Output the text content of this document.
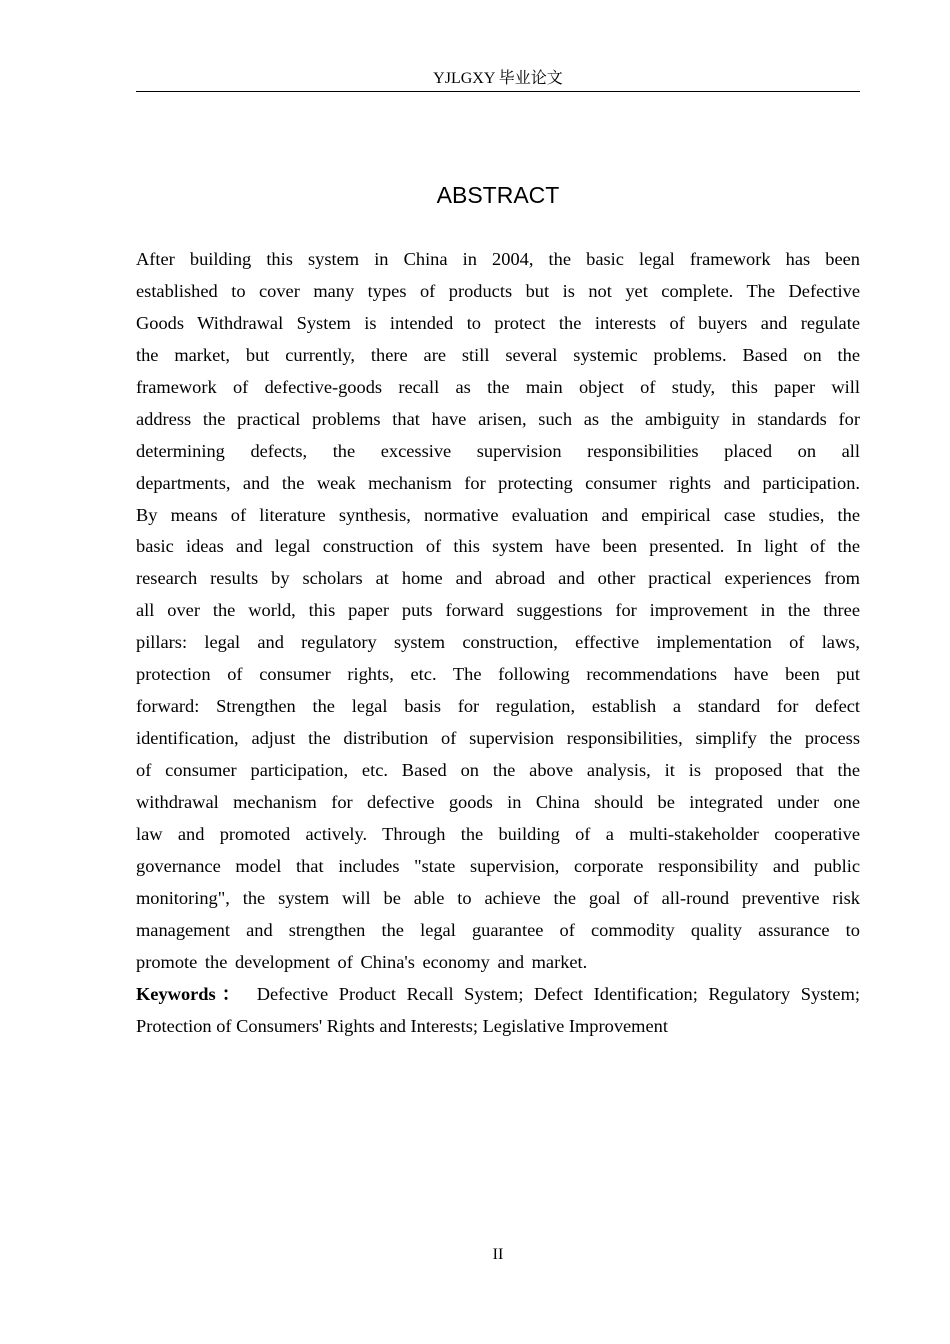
YJLGXY 毕业论文
ABSTRACT
After building this system in China in 2004, the basic legal framework has been
established to cover many types of products but is not yet complete. The Defective
Goods Withdrawal System is intended to protect the interests of buyers and regulate
the market, but currently, there are still several systemic problems. Based on the
framework of defective-goods recall as the main object of study, this paper will
address the practical problems that have arisen, such as the ambiguity in standards for
determining defects, the excessive supervision responsibilities placed on all
departments, and the weak mechanism for protecting consumer rights and participation.
By means of literature synthesis, normative evaluation and empirical case studies, the
basic ideas and legal construction of this system have been presented. In light of the
research results by scholars at home and abroad and other practical experiences from
all over the world, this paper puts forward suggestions for improvement in the three
pillars: legal and regulatory system construction, effective implementation of laws,
protection of consumer rights, etc. The following recommendations have been put
forward: Strengthen the legal basis for regulation, establish a standard for defect
identification, adjust the distribution of supervision responsibilities, simplify the process
of consumer participation, etc. Based on the above analysis, it is proposed that the
withdrawal mechanism for defective goods in China should be integrated under one
law and promoted actively. Through the building of a multi-stakeholder cooperative
governance model that includes "state supervision, corporate responsibility and public
monitoring", the system will be able to achieve the goal of all-round preventive risk
management and strengthen the legal guarantee of commodity quality assurance to
promote the development of China's economy and market.
Keywords： Defective Product Recall System; Defect Identification; Regulatory System;
Protection of Consumers' Rights and Interests; Legislative Improvement
II
